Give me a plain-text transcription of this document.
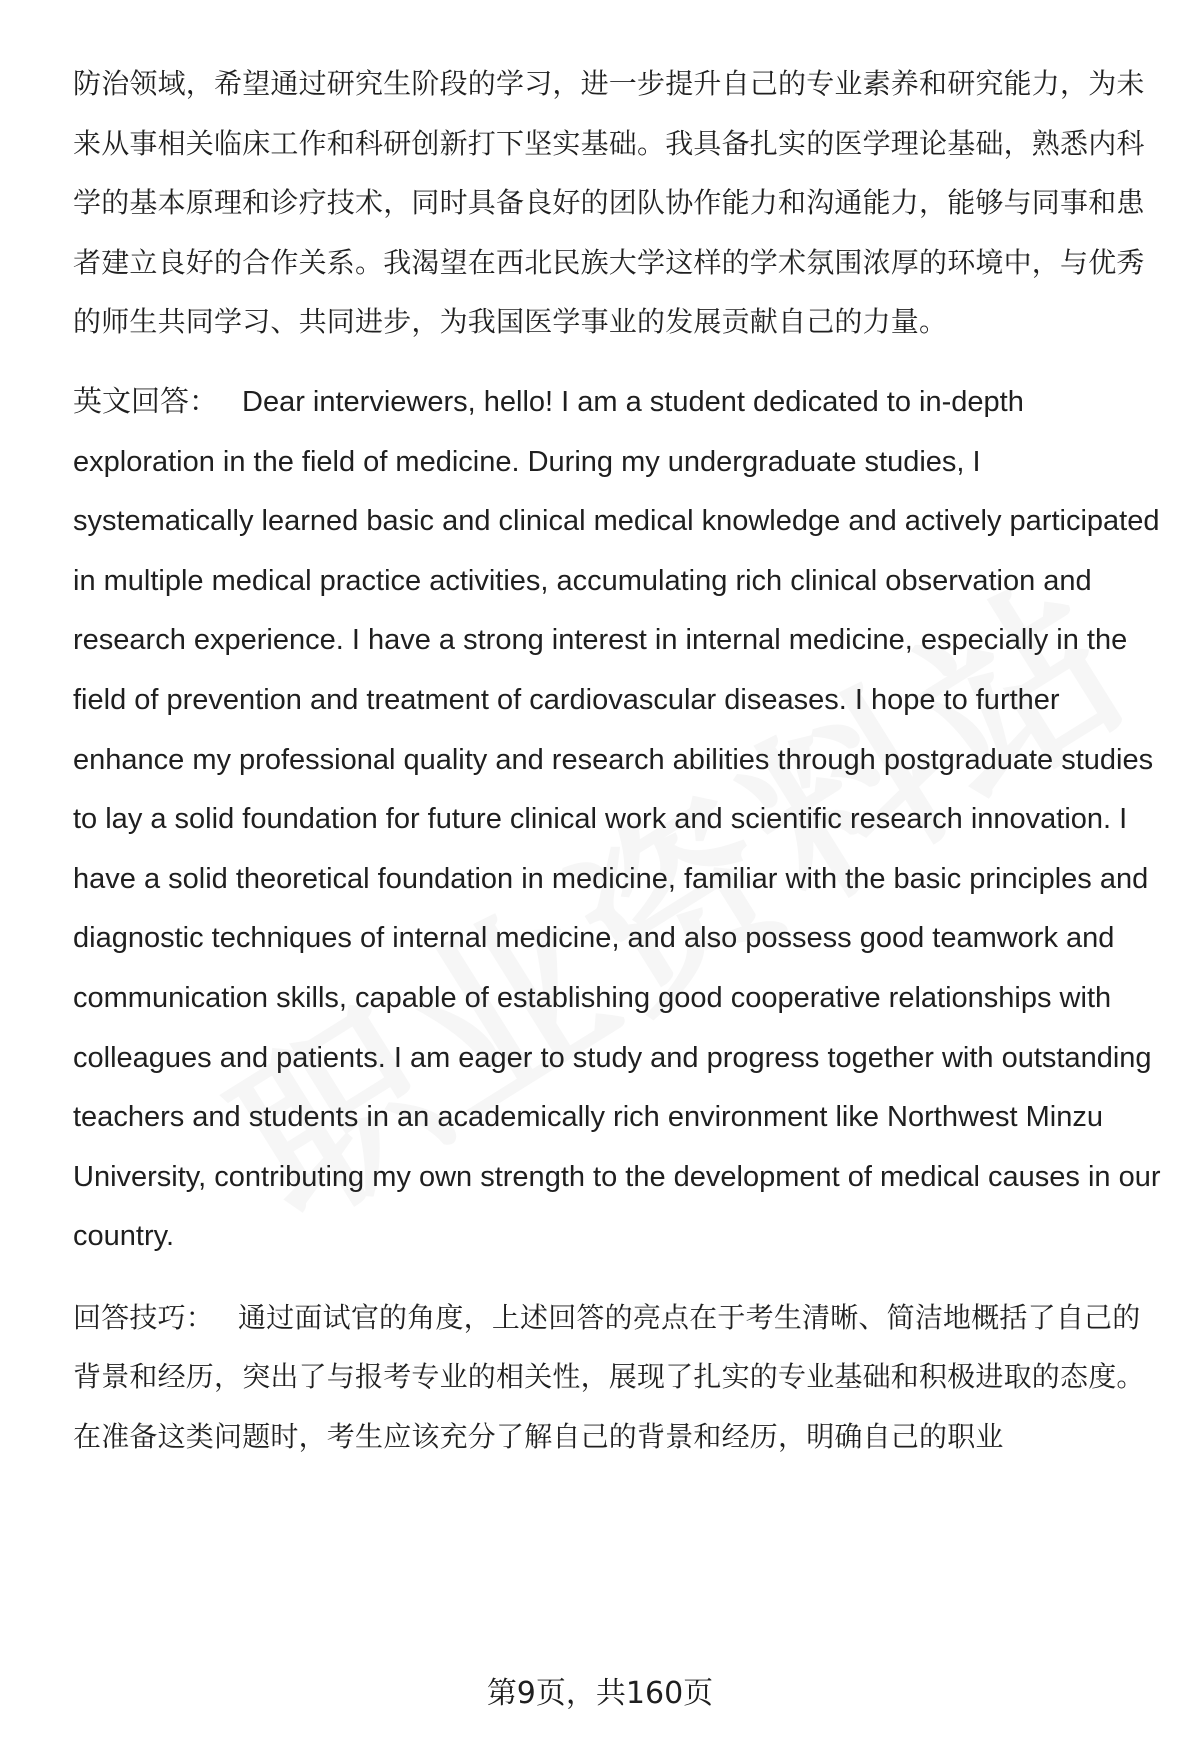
防治领域，希望通过研究生阶段的学习，进一步提升自己的专业素养和研究能力，为未来从事相关临床工作和科研创新打下坚实基础。我具备扎实的医学理论基础，熟悉内科学的基本原理和诊疗技术，同时具备良好的团队协作能力和沟通能力，能够与同事和患者建立良好的合作关系。我渴望在西北民族大学这样的学术氛围浓厚的环境中，与优秀的师生共同学习、共同进步，为我国医学事业的发展贡献自己的力量。

英文回答： Dear interviewers, hello! I am a student dedicated to in-depth exploration in the field of medicine. During my undergraduate studies, I systematically learned basic and clinical medical knowledge and actively participated in multiple medical practice activities, accumulating rich clinical observation and research experience. I have a strong interest in internal medicine, especially in the field of prevention and treatment of cardiovascular diseases. I hope to further enhance my professional quality and research abilities through postgraduate studies to lay a solid foundation for future clinical work and scientific research innovation. I have a solid theoretical foundation in medicine, familiar with the basic principles and diagnostic techniques of internal medicine, and also possess good teamwork and communication skills, capable of establishing good cooperative relationships with colleagues and patients. I am eager to study and progress together with outstanding teachers and students in an academically rich environment like Northwest Minzu University, contributing my own strength to the development of medical causes in our country.

回答技巧： 通过面试官的角度，上述回答的亮点在于考生清晰、简洁地概括了自己的背景和经历，突出了与报考专业的相关性，展现了扎实的专业基础和积极进取的态度。在准备这类问题时，考生应该充分了解自己的背景和经历，明确自己的职业

第9页，共160页
